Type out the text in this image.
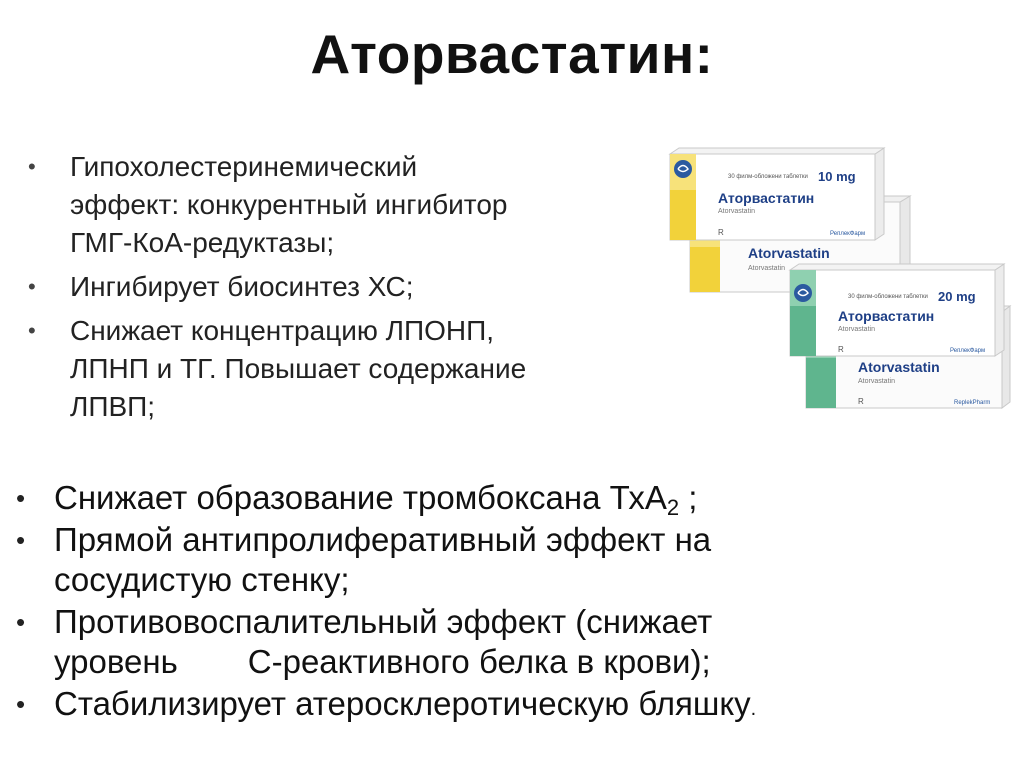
Аторвастатин:
•	Гипохолестеринемический
эффект: конкурентный ингибитор
ГМГ-КоА-редуктазы;
•	Ингибирует биосинтез ХС;
•	Снижает концентрацию ЛПОНП,
ЛПНП и ТГ. Повышает содержание
ЛПВП;
Atorvastatin
Atorvastatin
30 филм-обложени таблетки 10 mg
Аторвастатин
Atorvastatin
R	РеплекФарм
Atorvastatin
Atorvastatin
R	ReplekPharm
30 филм-обложени таблетки 20 mg
Аторвастатин
Atorvastatin
R	РеплекФарм
• Снижает образование тромбоксана ТхА$_2$ ;
• Прямой антипролиферативный эффект на
сосудистую стенку;
• Противовоспалительный эффект (снижает
уровень С-реактивного белка в крови);
• Стабилизирует атеросклеротическую бляшку.
